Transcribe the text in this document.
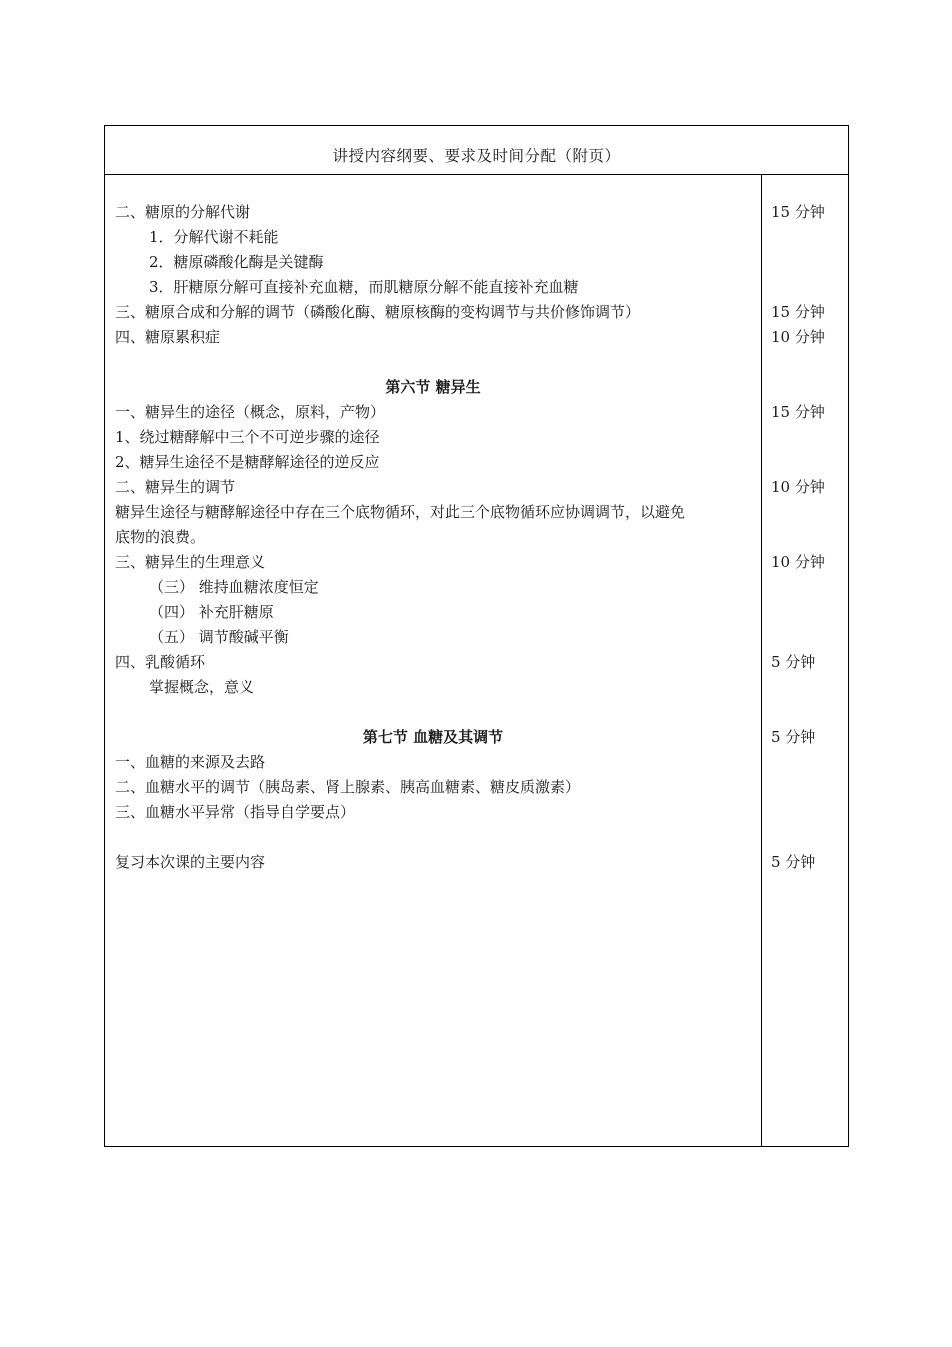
讲授内容纲要、要求及时间分配（附页）
二、糖原的分解代谢	15 分钟
1．分解代谢不耗能
2．糖原磷酸化酶是关键酶
3．肝糖原分解可直接补充血糖，而肌糖原分解不能直接补充血糖
三、糖原合成和分解的调节（磷酸化酶、糖原核酶的变构调节与共价修饰调节）	15 分钟
四、糖原累积症	10 分钟
第六节 糖异生
一、糖异生的途径（概念，原料，产物）	15 分钟
1、绕过糖酵解中三个不可逆步骤的途径
2、糖异生途径不是糖酵解途径的逆反应
二、糖异生的调节	10 分钟
糖异生途径与糖酵解途径中存在三个底物循环，对此三个底物循环应协调调节，以避免
底物的浪费。
三、糖异生的生理意义	10 分钟
（三） 维持血糖浓度恒定
（四） 补充肝糖原
（五） 调节酸碱平衡
四、乳酸循环	5 分钟
掌握概念，意义
第七节 血糖及其调节	5 分钟
一、血糖的来源及去路
二、血糖水平的调节（胰岛素、肾上腺素、胰高血糖素、糖皮质激素）
三、血糖水平异常（指导自学要点）
复习本次课的主要内容	5 分钟
